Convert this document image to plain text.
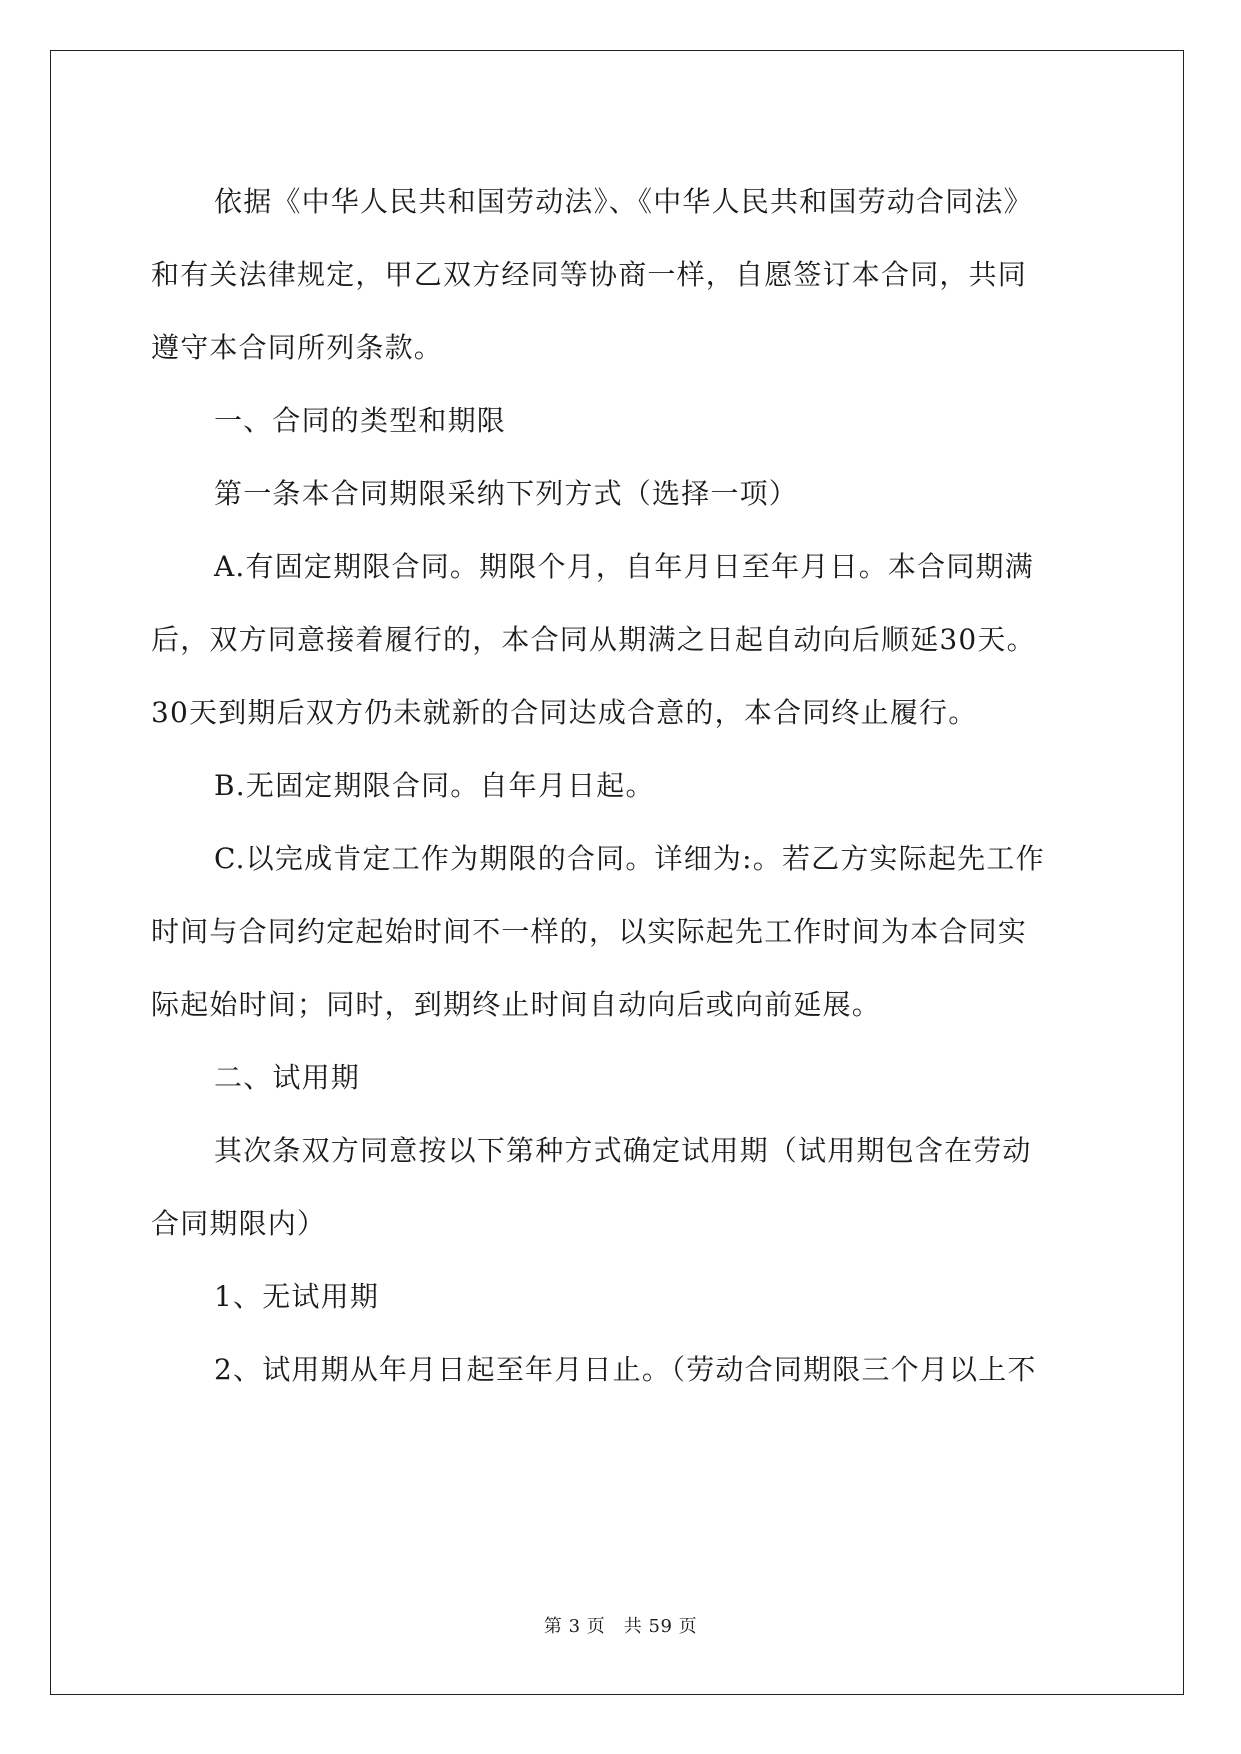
依据《中华人民共和国劳动法》、《中华人民共和国劳动合同法》

和有关法律规定，甲乙双方经同等协商一样，自愿签订本合同，共同

遵守本合同所列条款。

一、合同的类型和期限

第一条本合同期限采纳下列方式（选择一项）

A.有固定期限合同。期限个月，自年月日至年月日。本合同期满

后，双方同意接着履行的，本合同从期满之日起自动向后顺延30天。

30天到期后双方仍未就新的合同达成合意的，本合同终止履行。

B.无固定期限合同。自年月日起。

C.以完成肯定工作为期限的合同。详细为:。若乙方实际起先工作

时间与合同约定起始时间不一样的，以实际起先工作时间为本合同实

际起始时间；同时，到期终止时间自动向后或向前延展。

二、试用期

其次条双方同意按以下第种方式确定试用期（试用期包含在劳动

合同期限内）

1、无试用期

2、试用期从年月日起至年月日止。（劳动合同期限三个月以上不

第 3 页　共 59 页
